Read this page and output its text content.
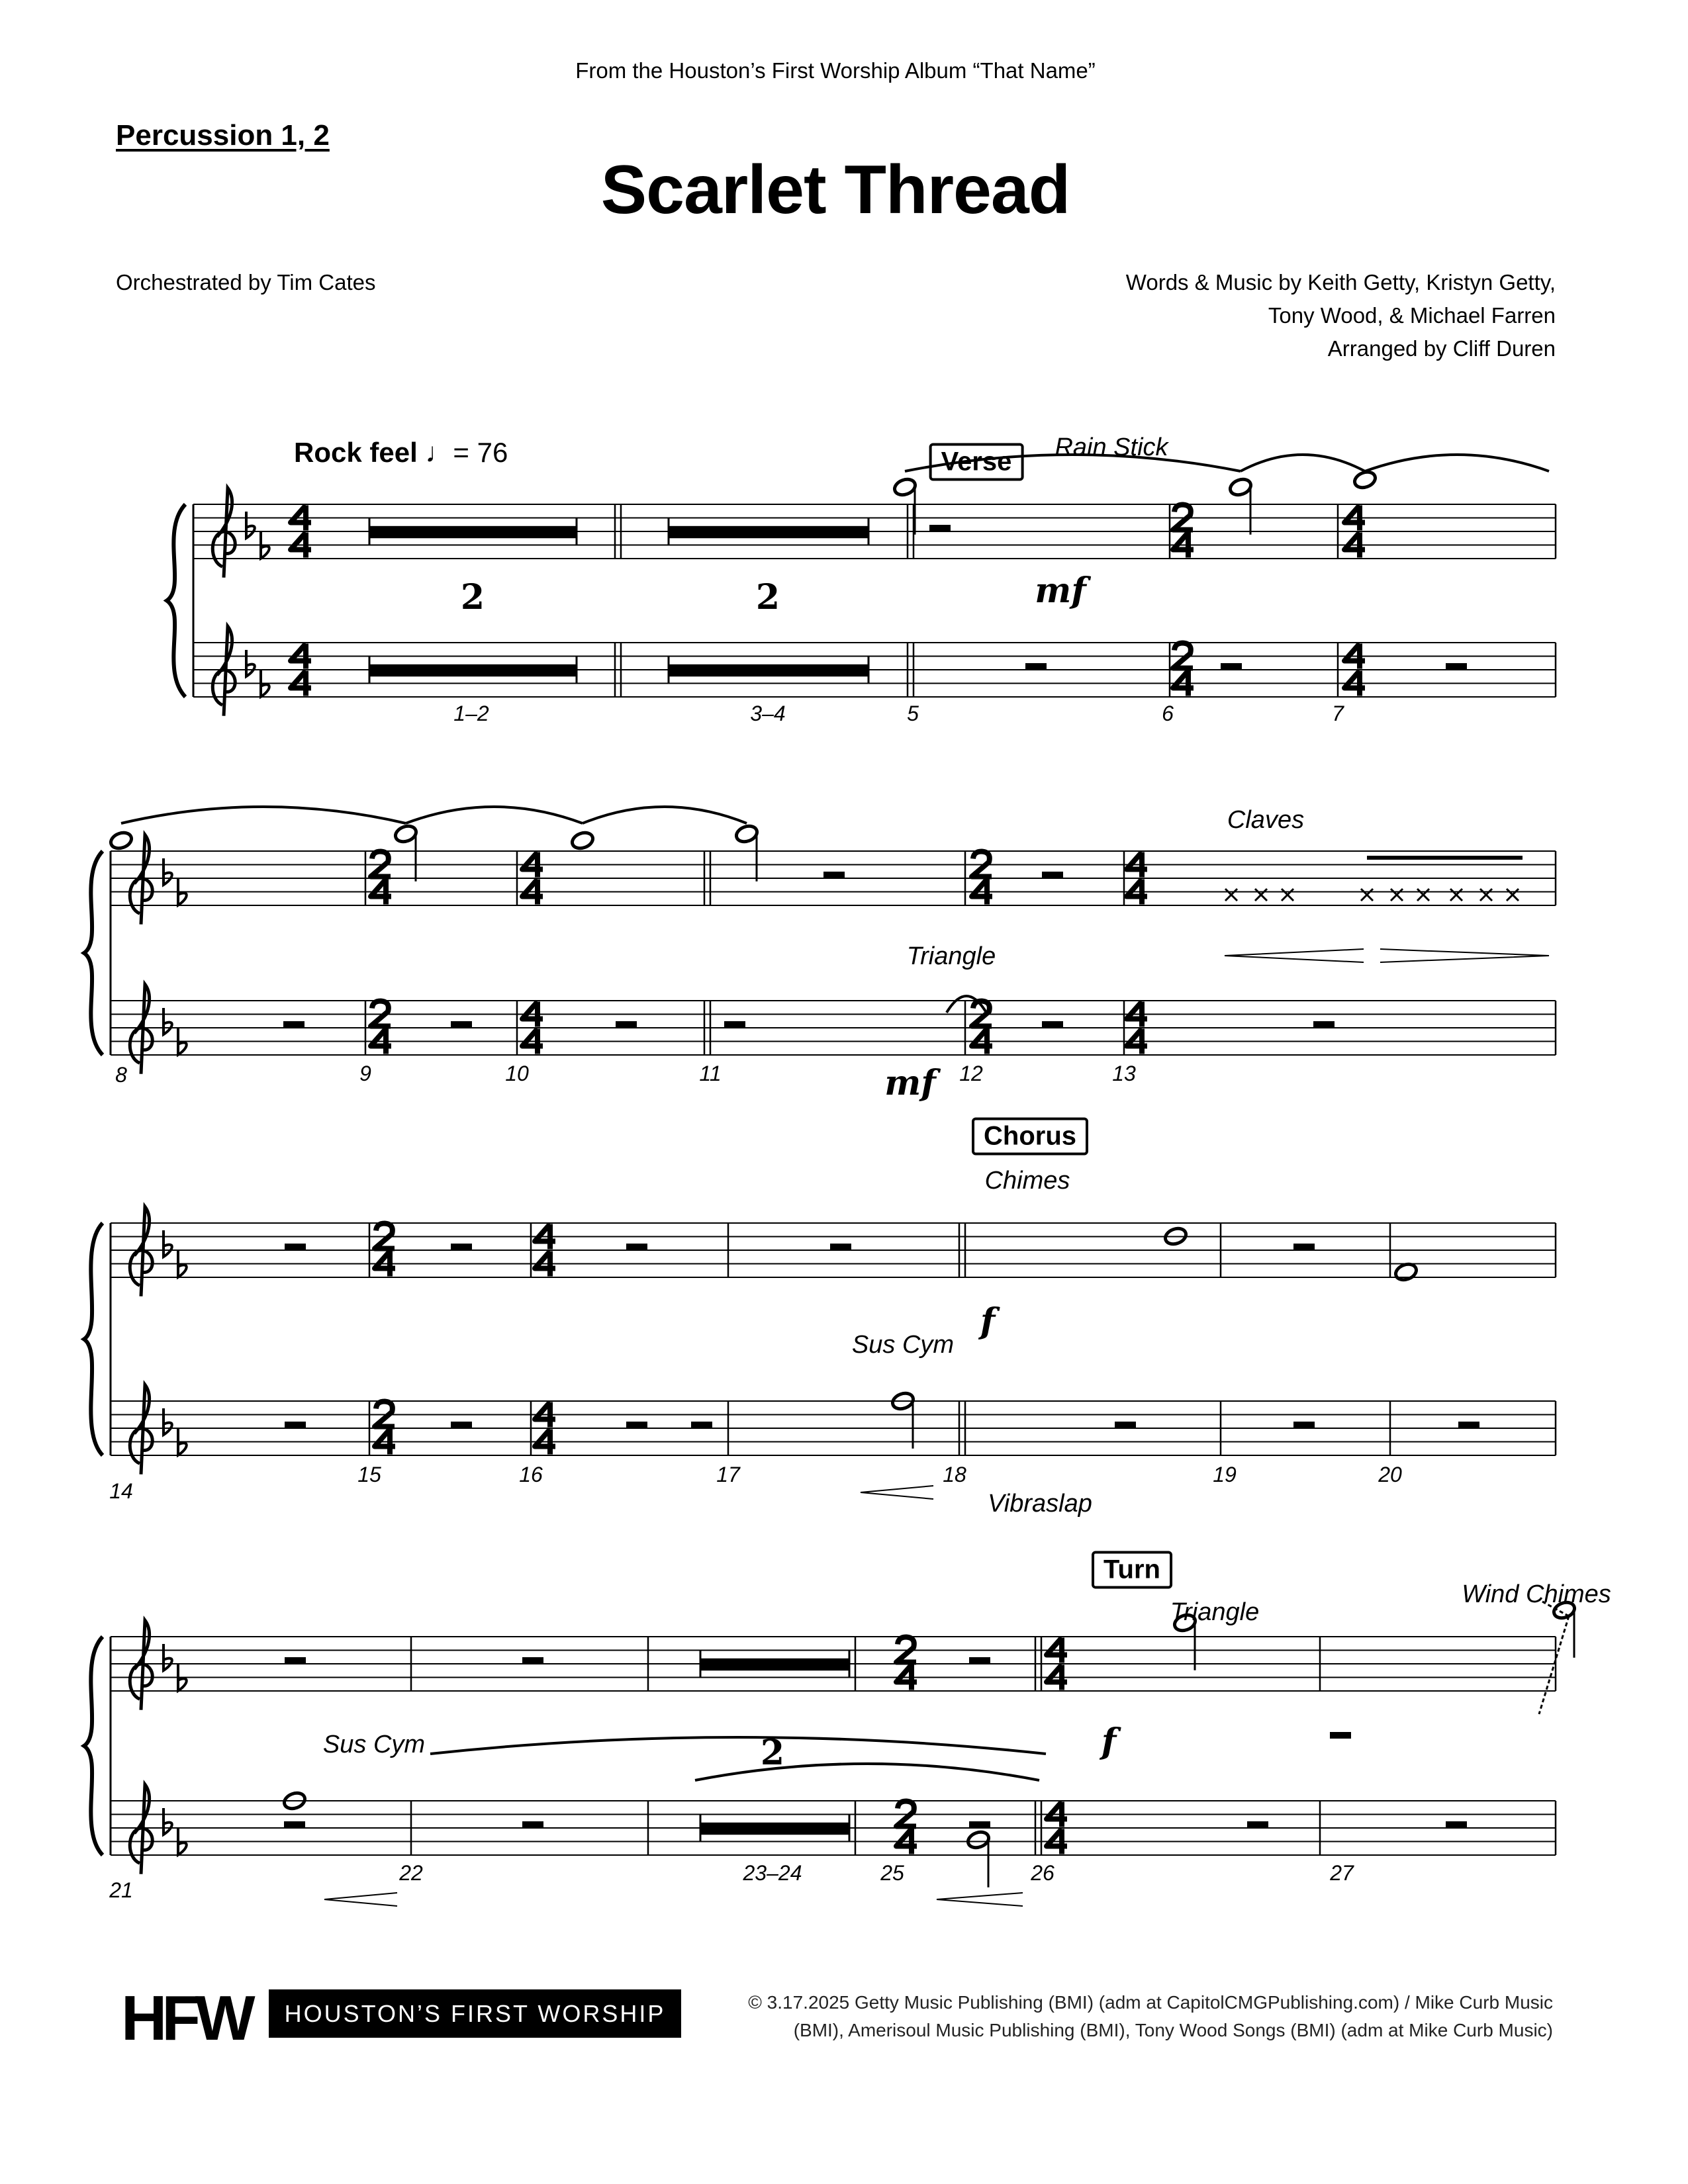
From the Houston’s First Worship Album “That Name”
Percussion 1, 2
Scarlet Thread
Orchestrated by Tim Cates	Words & Music by Keith Getty, Kristyn Getty,
Tony Wood, & Michael Farren
Arranged by Cliff Duren
Rock feel ♩= 76	Verse
Chorus
Turn
Rain Stick
Claves
Triangle
Chimes
Sus Cym
Vibraslap
Triangle
Wind Chimes
Sus Cym
mf
mf
f
f
2	2
2
1–2	3–4	5	6	7
8	9	10	11	12	13
14
15	16	17	18	19	20
21
22	23–24	25	26	27
HFW	HOUSTON’S FIRST WORSHIP	© 3.17.2025 Getty Music Publishing (BMI) (adm at CapitolCMGPublishing.com) / Mike Curb Music
(BMI), Amerisoul Music Publishing (BMI), Tony Wood Songs (BMI) (adm at Mike Curb Music)
